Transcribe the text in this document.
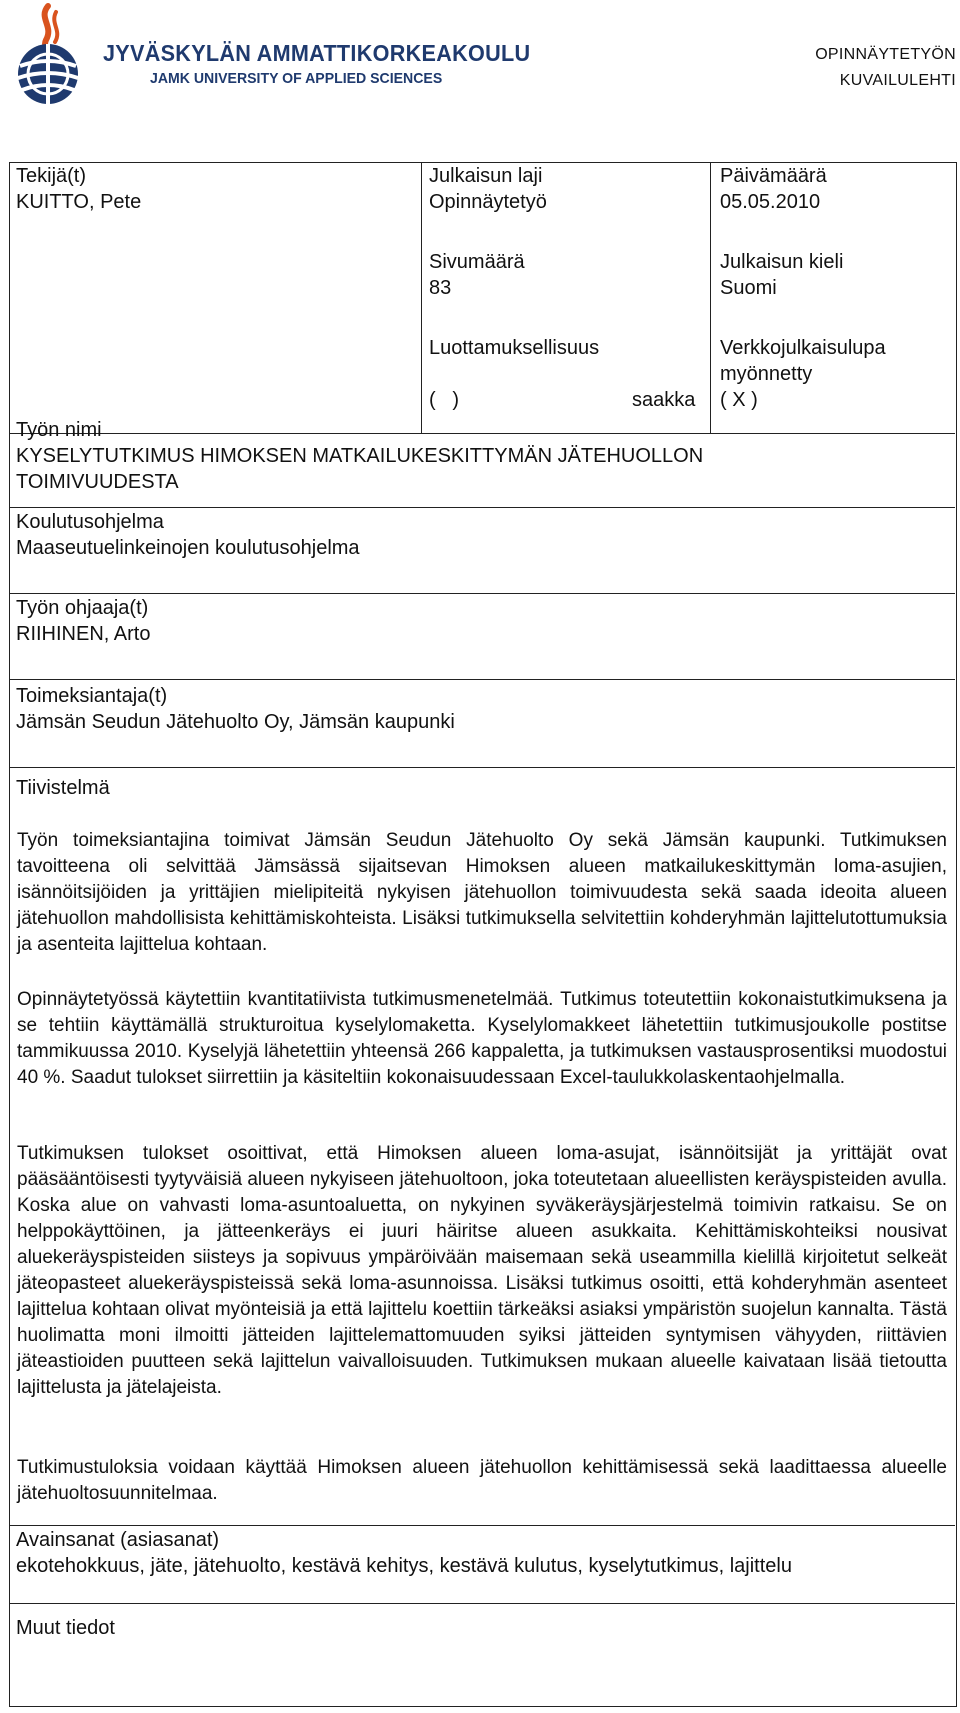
JYVÄSKYLÄN AMMATTIKORKEAKOULU
JAMK UNIVERSITY OF APPLIED SCIENCES
OPINNÄYTETYÖN
KUVAILULEHTI
Tekijä(t)
KUITTO, Pete
Julkaisun laji
Opinnäytetyö
Päivämäärä
05.05.2010
Sivumäärä
83
Julkaisun kieli
Suomi
Luottamuksellisuus
(   )	saakka
Verkkojulkaisulupa
myönnetty
( X )
Työn nimi
KYSELYTUTKIMUS HIMOKSEN MATKAILUKESKITTYMÄN JÄTEHUOLLON
TOIMIVUUDESTA
Koulutusohjelma
Maaseutuelinkeinojen koulutusohjelma
Työn ohjaaja(t)
RIIHINEN, Arto
Toimeksiantaja(t)
Jämsän Seudun Jätehuolto Oy, Jämsän kaupunki
Tiivistelmä
Työn toimeksiantajina toimivat Jämsän Seudun Jätehuolto Oy sekä Jämsän kaupunki. Tutkimuksen tavoitteena oli selvittää Jämsässä sijaitsevan Himoksen alueen matkailukeskittymän loma-asujien, isännöitsijöiden ja yrittäjien mielipiteitä nykyisen jätehuollon toimivuudesta sekä saada ideoita alueen jätehuollon mahdollisista kehittämiskohteista. Lisäksi tutkimuksella selvitettiin kohderyhmän lajittelutottumuksia ja asenteita lajittelua kohtaan.
Opinnäytetyössä käytettiin kvantitatiivista tutkimusmenetelmää. Tutkimus toteutettiin kokonaistutkimuksena ja se tehtiin käyttämällä strukturoitua kyselylomaketta. Kyselylomakkeet lähetettiin tutkimusjoukolle postitse tammikuussa 2010. Kyselyjä lähetettiin yhteensä 266 kappaletta, ja tutkimuksen vastausprosentiksi muodostui 40 %. Saadut tulokset siirrettiin ja käsiteltiin kokonaisuudessaan Excel-taulukkolaskentaohjelmalla.
Tutkimuksen tulokset osoittivat, että Himoksen alueen loma-asujat, isännöitsijät ja yrittäjät ovat pääsääntöisesti tyytyväisiä alueen nykyiseen jätehuoltoon, joka toteutetaan alueellisten keräyspisteiden avulla. Koska alue on vahvasti loma-asuntoaluetta, on nykyinen syväkeräysjärjestelmä toimivin ratkaisu. Se on helppokäyttöinen, ja jätteenkeräys ei juuri häiritse alueen asukkaita. Kehittämiskohteiksi nousivat aluekeräyspisteiden siisteys ja sopivuus ympäröivään maisemaan sekä useammilla kielillä kirjoitetut selkeät jäteopasteet aluekeräyspisteissä sekä loma-asunnoissa. Lisäksi tutkimus osoitti, että kohderyhmän asenteet lajittelua kohtaan olivat myönteisiä ja että lajittelu koettiin tärkeäksi asiaksi ympäristön suojelun kannalta. Tästä huolimatta moni ilmoitti jätteiden lajittelemattomuuden syiksi jätteiden syntymisen vähyyden, riittävien jäteastioiden puutteen sekä lajittelun vaivalloisuuden. Tutkimuksen mukaan alueelle kaivataan lisää tietoutta lajittelusta ja jätelajeista.
Tutkimustuloksia voidaan käyttää Himoksen alueen jätehuollon kehittämisessä sekä laadittaessa alueelle jätehuoltosuunnitelmaa.
Avainsanat (asiasanat)
ekotehokkuus, jäte, jätehuolto, kestävä kehitys, kestävä kulutus, kyselytutkimus, lajittelu
Muut tiedot
